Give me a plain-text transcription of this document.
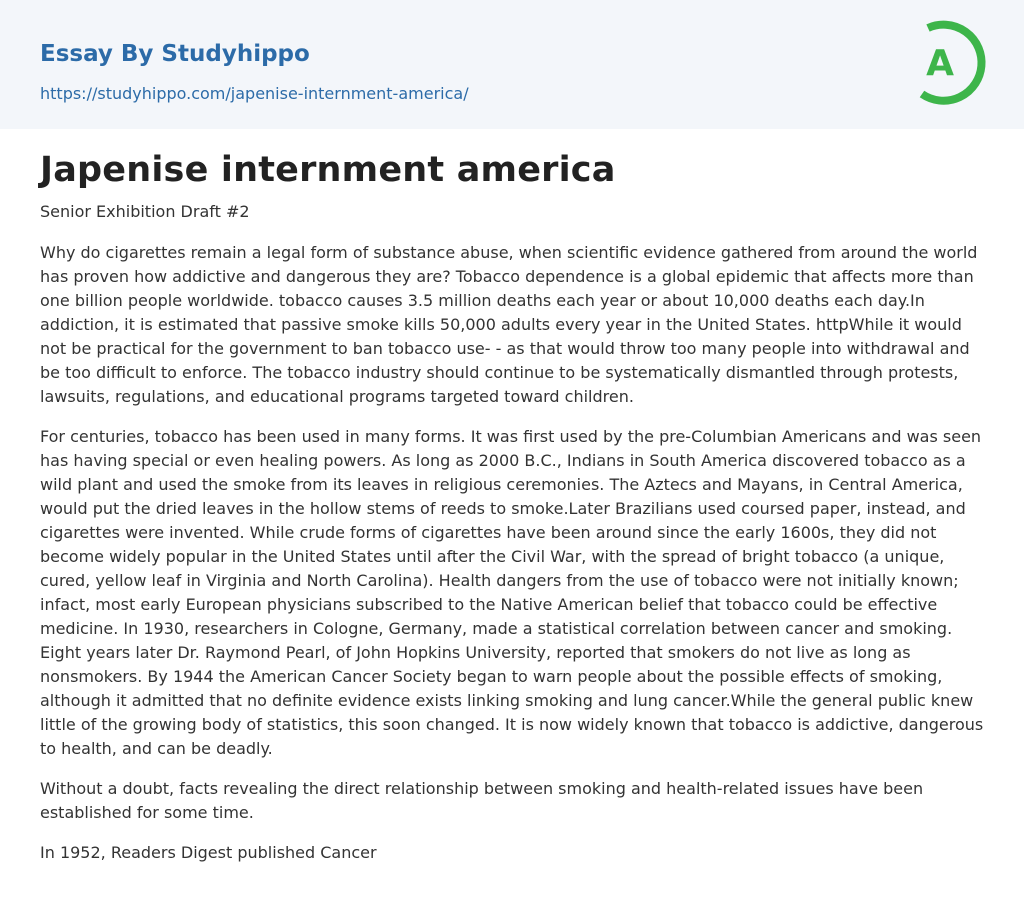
Essay By Studyhippo
https://studyhippo.com/japenise-internment-america/
A
Japenise internment america
Senior Exhibition Draft #2

Why do cigarettes remain a legal form of substance abuse, when scientific evidence gathered from around the world has proven how addictive and dangerous they are? Tobacco dependence is a global epidemic that affects more than one billion people worldwide. tobacco causes 3.5 million deaths each year or about 10,000 deaths each day.In addiction, it is estimated that passive smoke kills 50,000 adults every year in the United States. httpWhile it would not be practical for the government to ban tobacco use- - as that would throw too many people into withdrawal and be too difficult to enforce. The tobacco industry should continue to be systematically dismantled through protests, lawsuits, regulations, and educational programs targeted toward children.

For centuries, tobacco has been used in many forms. It was first used by the pre-Columbian Americans and was seen has having special or even healing powers. As long as 2000 B.C., Indians in South America discovered tobacco as a wild plant and used the smoke from its leaves in religious ceremonies. The Aztecs and Mayans, in Central America, would put the dried leaves in the hollow stems of reeds to smoke.Later Brazilians used coursed paper, instead, and cigarettes were invented. While crude forms of cigarettes have been around since the early 1600s, they did not become widely popular in the United States until after the Civil War, with the spread of bright tobacco (a unique, cured, yellow leaf in Virginia and North Carolina). Health dangers from the use of tobacco were not initially known; infact, most early European physicians subscribed to the Native American belief that tobacco could be effective medicine. In 1930, researchers in Cologne, Germany, made a statistical correlation between cancer and smoking. Eight years later Dr. Raymond Pearl, of John Hopkins University, reported that smokers do not live as long as nonsmokers. By 1944 the American Cancer Society began to warn people about the possible effects of smoking, although it admitted that no definite evidence exists linking smoking and lung cancer.While the general public knew little of the growing body of statistics, this soon changed. It is now widely known that tobacco is addictive, dangerous to health, and can be deadly.

Without a doubt, facts revealing the direct relationship between smoking and health-related issues have been established for some time.

In 1952, Readers Digest published Cancer
